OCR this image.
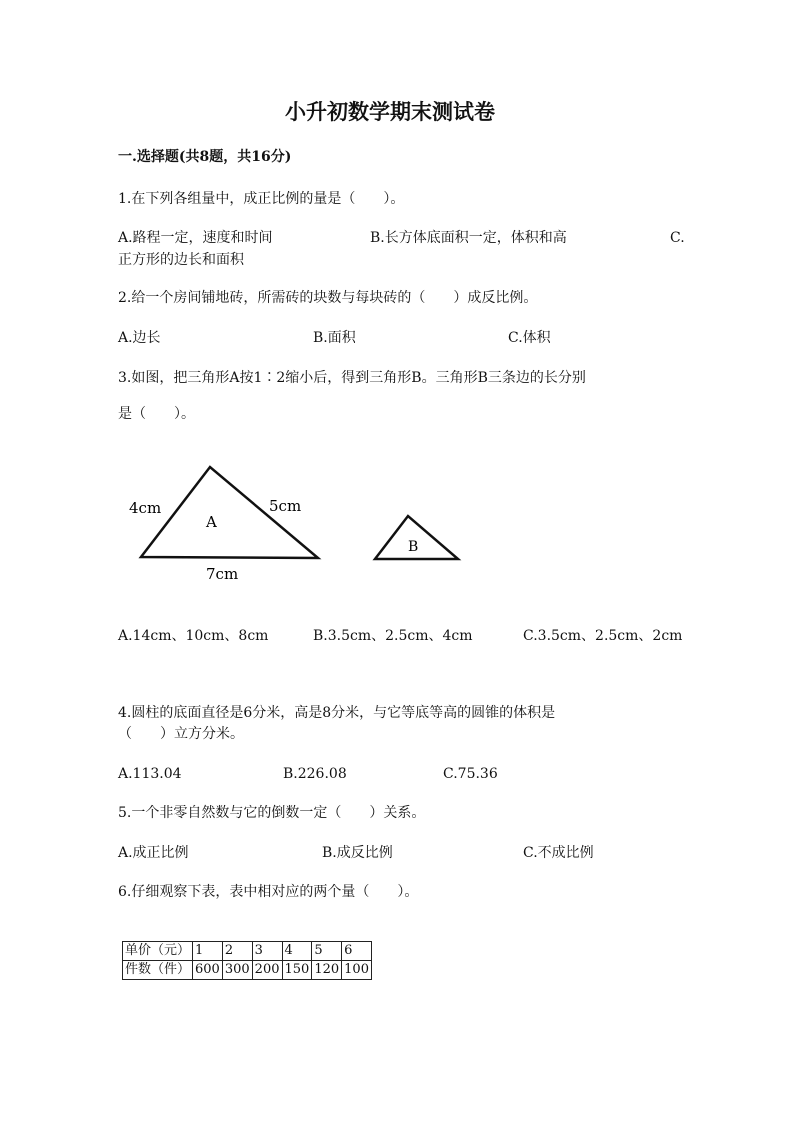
小升初数学期末测试卷
一.选择题(共8题，共16分)
1.在下列各组量中，成正比例的量是（　　）。
A.路程一定，速度和时间	B.长方体底面积一定，体积和高	C.
正方形的边长和面积
2.给一个房间铺地砖，所需砖的块数与每块砖的（　　）成反比例。
A.边长	B.面积	C.体积
3.如图，把三角形A按1∶2缩小后，得到三角形B。三角形B三条边的长分别
是（　　）。
A
4cm	5cm
7cm
B
A.14cm、10cm、8cm	B.3.5cm、2.5cm、4cm	C.3.5cm、2.5cm、2cm
4.圆柱的底面直径是6分米，高是8分米，与它等底等高的圆锥的体积是
（　　）立方分米。
A.113.04	B.226.08	C.75.36
5.一个非零自然数与它的倒数一定（　　）关系。
A.成正比例	B.成反比例	C.不成比例
6.仔细观察下表，表中相对应的两个量（　　）。
单价（元）	1	2	3	4	5	6
件数（件）	600	300	200	150	120	100
